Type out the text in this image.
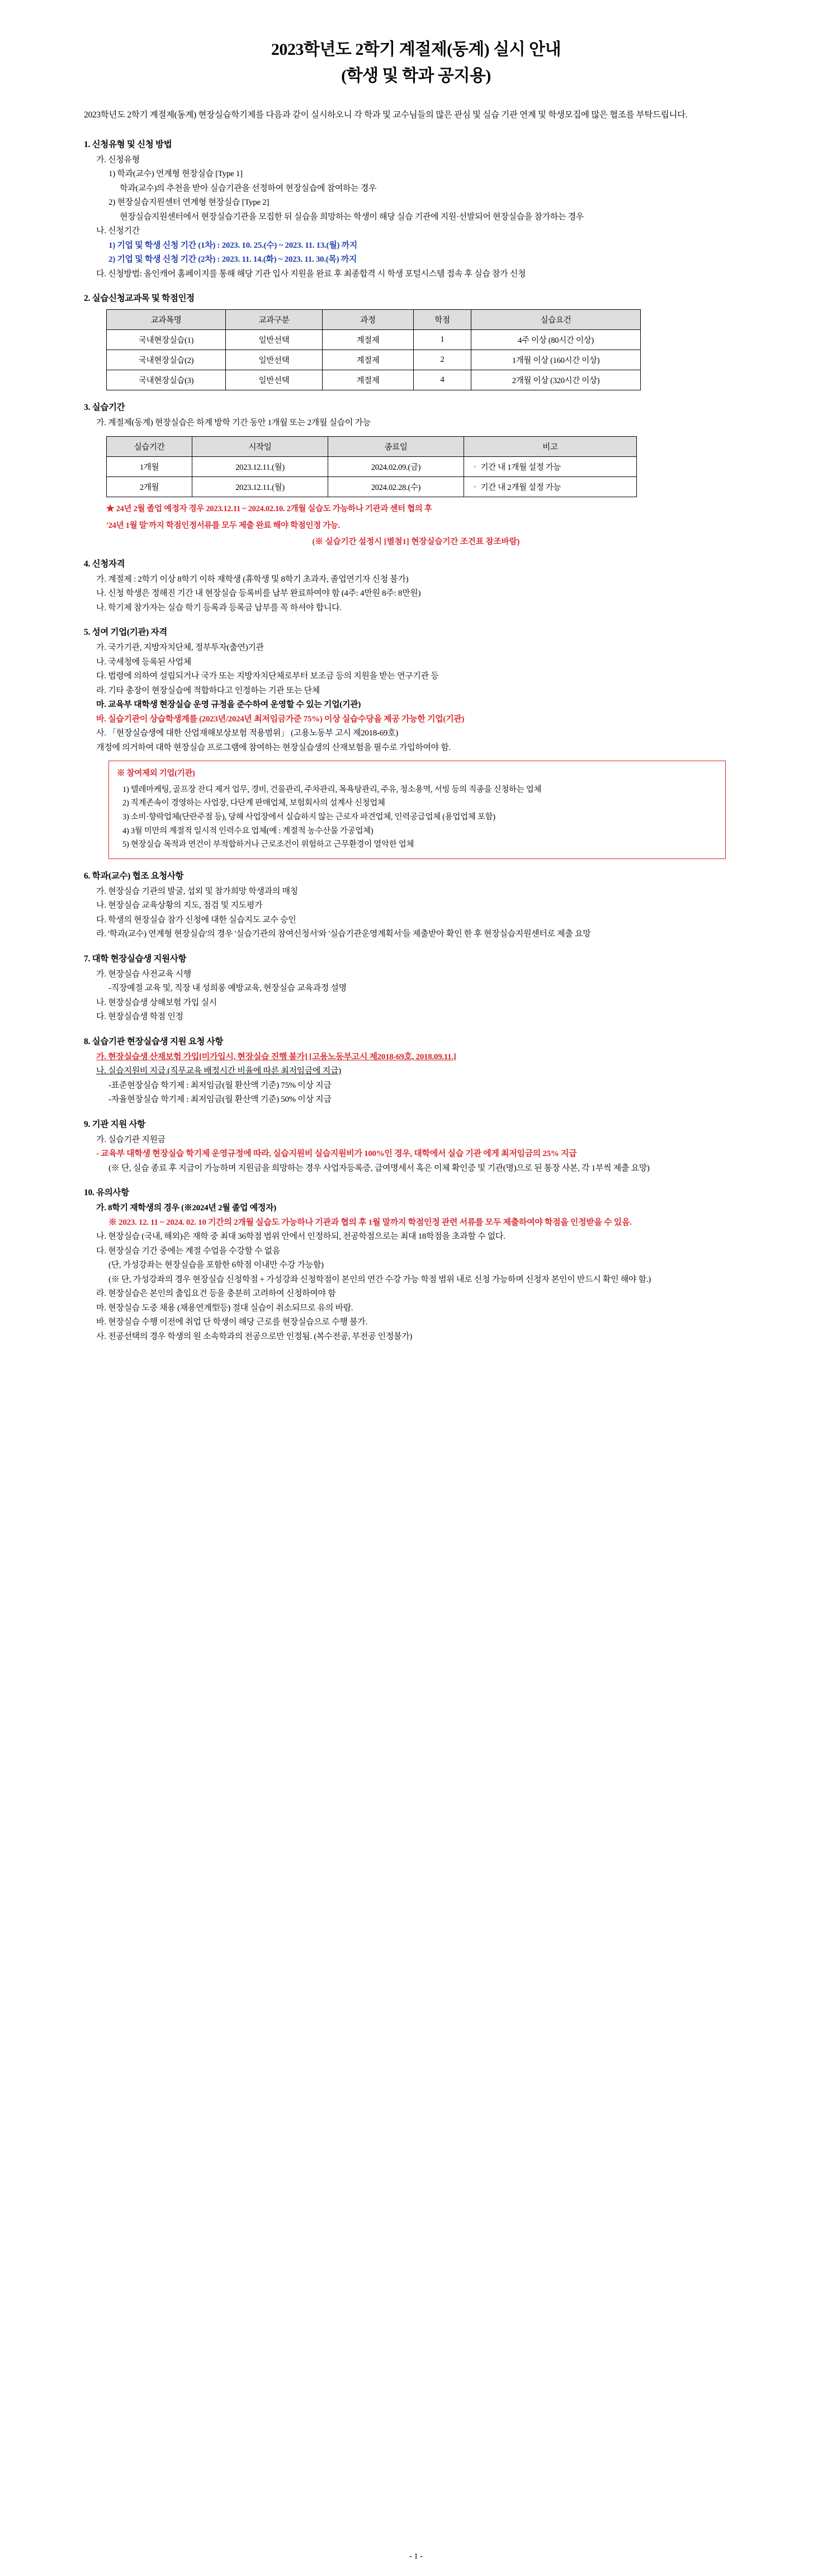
2023학년도 2학기 계절제(동계) 실시 안내
(학생 및 학과 공지용)

2023학년도 2학기 계절제(동계) 현장실습학기제를 다음과 같이 실시하오니 각 학과 및 교수님들의 많은 관심 및 실습 기관 연계 및 학생모집에 많은 협조를 부탁드립니다.

1. 신청유형 및 신청 방법
가. 신청유형
1) 학과(교수) 연계형 현장실습 [Type 1]
학과(교수)의 추천을 받아 실습기관을 선정하여 현장실습에 참여하는 경우
2) 현장실습지원센터 연계형 현장실습 [Type 2]
현장실습지원센터에서 현장실습기관을 모집한 뒤 실습을 희망하는 학생이 해당 실습 기관에 지원·선발되어 현장실습을 참가하는 경우
나. 신청기간
1) 기업 및 학생 신청 기간 (1차) : 2023. 10. 25.(수) ~ 2023. 11. 13.(월) 까지
2) 기업 및 학생 신청 기간 (2차) : 2023. 11. 14.(화) ~ 2023. 11. 30.(목) 까지
다. 신청방법: 올인캐어 홈페이지를 통해 해당 기관 입사 지원을 완료 후 최종합격 시 학생 포털시스템 접속 후 실습 참가 신청
2. 실습신청교과목 및 학점인정
교과목명	교과구분	과정	학점	실습요건
국내현장실습(1)	일반선택	계절제	1	4주 이상 (80시간 이상)
국내현장실습(2)	일반선택	계절제	2	1개월 이상 (160시간 이상)
국내현장실습(3)	일반선택	계절제	4	2개월 이상 (320시간 이상)
3. 실습기간
가. 계절제(동계) 현장실습은 하계 방학 기간 동안 1개월 또는 2개월 실습이 가능
실습기간	시작일	종료일	비고
1개월	2023.12.11.(월)	2024.02.09.(금)	‧ 기간 내 1개월 설정 가능
2개월	2023.12.11.(월)	2024.02.28.(수)	‧ 기간 내 2개월 설정 가능
★ 24년 2월 졸업 예정자 경우 2023.12.11 ~ 2024.02.10. 2개월 실습도 가능하나 기관과 센터 협의 후
'24년 1월 말'까지 학점인정서류를 모두 제출 완료 해야 학점인정 가능.
(※ 실습기간 설정시 [별첨1] 현장실습기간 조건표 참조바람)
4. 신청자격
가. 계절제 : 2학기 이상 8학기 이하 재학생 (휴학생 및 8학기 초과자, 졸업연기자 신청 불가)
나. 신청 학생은 정해진 기간 내 현장실습 등록비를 납부 완료하여야 함 (4주: 4만원 8주: 8만원)
나. 학기제 참가자는 실습 학기 등록과 등록금 납부를 꼭 하셔야 합니다.
5. 성여 기업(기관) 자격
가. 국가기관, 지방자치단체, 정부투자(출연)기관
나. 국세청에 등록된 사업체
다. 법령에 의하여 설립되거나 국가 또는 지방자치단체로부터 보조금 등의 지원을 받는 연구기관 등
라. 기타 총장이 현장실습에 적합하다고 인정하는 기관 또는 단체
마. 교육부 대학생 현장실습 운영 규정을 준수하여 운영할 수 있는 기업(기관)
바. 실습기관이 상습학생계를 (2023년/2024년 최저임금가준 75%) 이상 실습수당을 제공 가능한 기업(기관)
사. 「현장실습생에 대한 산업재해보상보험 적용범위」 (고용노동부 고시 제2018-69호)
개정에 의거하여 대학 현장실습 프로그램에 참여하는 현장실습생의 산재보험을 필수로 가입하여야 함.
※ 참여제외 기업(기관)
1) 텔레마케팅, 골프장 잔디 제거 업무, 경비, 건물관리, 주차관리, 목욕탕관리, 주유, 청소용역, 서빙 등의 직종을 신청하는 업체
2) 직계존속이 경영하는 사업장, 다단계 판매업체, 보험회사의 설계사 신청업체
3) 소비·향락업체(단란주점 등), 당해 사업장에서 실습하지 않는 근로자 파견업체, 인력공급업체 (용업업체 포함)
4) 3월 미만의 계절적 일시적 인력수요 업체(예 : 계절적 농수산물 가공업체)
5) 현장실습 목적과 연건이 부적합하거나 근로조건이 위험하고 근무환경이 열악한 업체
6. 학과(교수) 협조 요청사항
가. 현장실습 기관의 발굴, 섭외 및 참가희망 학생과의 매칭
나. 현장실습 교육상황의 지도, 점검 및 지도평가
다. 학생의 현장실습 참가 신청에 대한 실습지도 교수 승인
라. '학과(교수) 연계형 현장실습'의 경우 '실습기관의 참여신청서'와 '실습기관운영계획서'들 제출받아 확인 한 후 현장실습지원센터로 제출 요망
7. 대학 현장실습생 지원사항
가. 현장실습 사전교육 시행
-직장예절 교육 및, 직장 내 성희롱 예방교육, 현장실습 교육과정 설명
나. 현장실습생 상해보험 가입 실시
다. 현장실습생 학점 인정
8. 실습기관 현장실습생 지원 요청 사항
가. 현장실습생 산재보험 가입[미가입시, 현장실습 진행 불가] [고용노동부고시 제2018-69호, 2018.09.11.]
나. 실습지원비 지급 (직무교육 배정시간 비율에 따른 최저임금에 지급)
-표준현장실습 학기제 : 최저임금(월 환산액 기준) 75% 이상 지급
-자율현장실습 학기제 : 최저임금(월 환산액 기준) 50% 이상 지급
9. 기관 지원 사항
가. 실습기관 지원금
- 교육부 대학생 현장실습 학기제 운영규정에 따라, 실습지원비 실습지원비가 100%인 경우, 대학에서 실습 기관 에게 최저임금의 25% 지급
(※ 단, 실습 종료 후 지급이 가능하며 지원금을 희망하는 경우 사업자등록증, 급여명세서 혹은 이체 확인증 및 기관(명)으로 된 통장 사본, 각 1부씩 제출 요망)
10. 유의사항
가. 8학기 재학생의 경우 (※2024년 2월 졸업 예정자)
※ 2023. 12. 11 ~ 2024. 02. 10 기간의 2개월 실습도 가능하나 기관과 협의 후 1월 말까지 학점인정 관련 서류를 모두 제출하여야 학점을 인정받을 수 있음.
나. 현장실습 (국내, 해외)은 재학 중 최대 36학점 범위 안에서 인정하되, 전공학점으로는 최대 18학점을 초과할 수 없다.
다. 현장실습 기간 중에는 계절 수업을 수강할 수 없음
(단, 가성강좌는 현장실습을 포함한 6학점 이내만 수강 가능함)
(※ 단, 가성강좌의 경우 현장실습 신청학점 + 가성강좌 신청학점이 본인의 연간 수강 가능 학점 범위 내로 신청 가능하며 신청자 본인이 반드시 확인 해야 함.)
라. 현장실습은 본인의 출입요건 등을 충분히 고려하여 신청하여야 함
마. 현장실습 도중 채용 (채용연계型등) 절대 실습이 취소되므로 유의 바람.
바. 현장실습 수행 이전에 취업 단 학생이 해당 근로를 현장실습으로 수행 불가.
사. 전공선택의 경우 학생의 원 소속학과의 전공으로만 인정됨. (복수전공, 부전공 인정불가)
- 1 -
